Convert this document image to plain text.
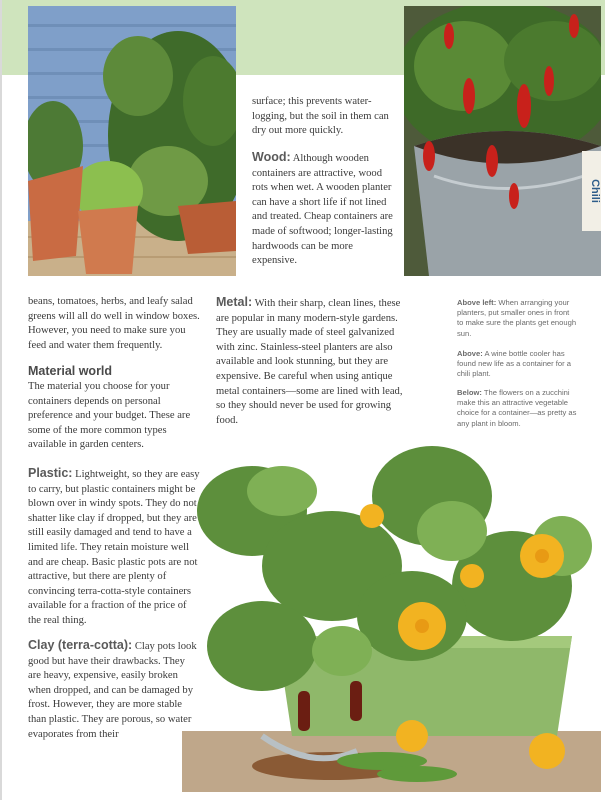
Chili

surface; this prevents water-logging, but the soil in them can dry out more quickly.

Wood: Although wooden containers are attractive, wood rots when wet. A wooden planter can have a short life if not lined and treated. Cheap containers are made of softwood; longer-lasting hardwoods can be more expensive.

beans, tomatoes, herbs, and leafy salad greens will all do well in window boxes. However, you need to make sure you feed and water them frequently.

Material world

The material you choose for your containers depends on personal preference and your budget. These are some of the more common types available in garden centers.

Plastic: Lightweight, so they are easy to carry, but plastic containers might be blown over in windy spots. They do not shatter like clay if dropped, but they are still easily damaged and tend to have a limited life. They retain moisture well and are cheap. Basic plastic pots are not attractive, but there are plenty of convincing terra-cotta-style containers available for a fraction of the price of the real thing.

Clay (terra-cotta): Clay pots look good but have their drawbacks. They are heavy, expensive, easily broken when dropped, and can be damaged by frost. However, they are more stable than plastic. They are porous, so water evaporates from their

Metal: With their sharp, clean lines, these are popular in many modern-style gardens. They are usually made of steel galvanized with zinc. Stainless-steel planters are also available and look stunning, but they are expensive. Be careful when using antique metal containers—some are lined with lead, so they should never be used for growing food.

Above left: When arranging your planters, put smaller ones in front to make sure the plants get enough sun.

Above: A wine bottle cooler has found new life as a container for a chili plant.

Below: The flowers on a zucchini make this an attractive vegetable choice for a container—as pretty as any plant in bloom.
